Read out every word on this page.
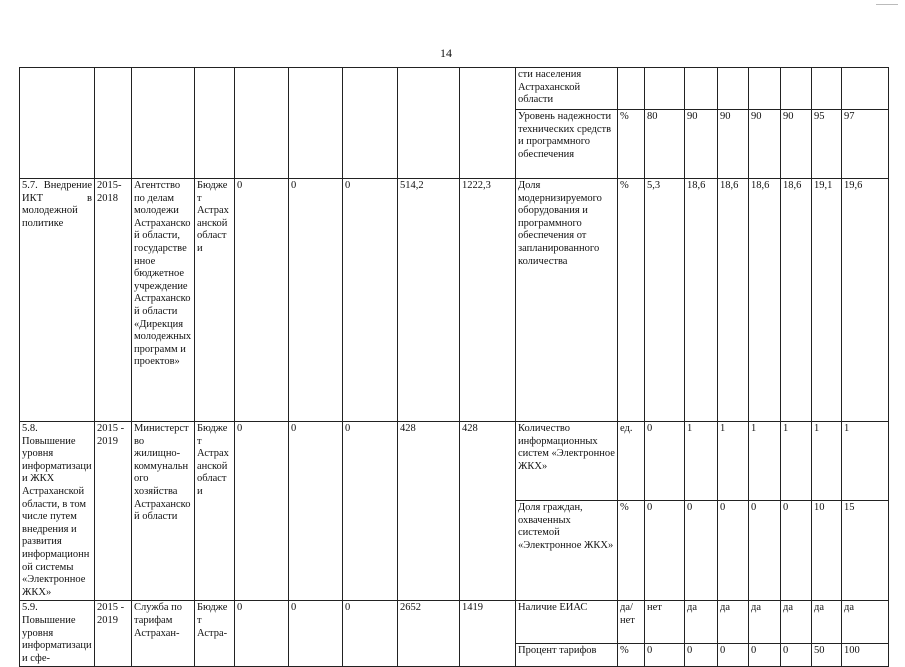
14
									сти населения Астраханской области								
									Уровень надежности технических средств и программного обеспечения	%	80	90	90	90	90	95	97
5.7. Внедрение ИКТ в молодежной политике	2015-2018	Агентство по делам молодежи Астраханской области, государственное бюджетное учреждение Астраханской области «Дирекция молодежных программ и проектов»	Бюджет Астраханской области	0	0	0	514,2	1222,3	Доля модернизируемого оборудования и программного обеспечения от запланированного количества	%	5,3	18,6	18,6	18,6	18,6	19,1	19,6
5.8. Повышение уровня информатизации ЖКХ Астраханской области, в том числе путем внедрения и развития информационной системы «Электронное ЖКХ»	2015 - 2019	Министерство жилищно-коммунального хозяйства Астраханской области	Бюджет Астраханской области	0	0	0	428	428	Количество информационных систем «Электронное ЖКХ»	ед.	0	1	1	1	1	1	1
									Доля граждан, охваченных системой «Электронное ЖКХ»	%	0	0	0	0	0	10	15
5.9. Повышение уровня информатизации сфе-	2015 - 2019	Служба по тарифам Астрахан-	Бюджет Астра-	0	0	0	2652	1419	Наличие ЕИАС	да/ нет	нет	да	да	да	да	да	да
									Процент тарифов	%	0	0	0	0	0	50	100
